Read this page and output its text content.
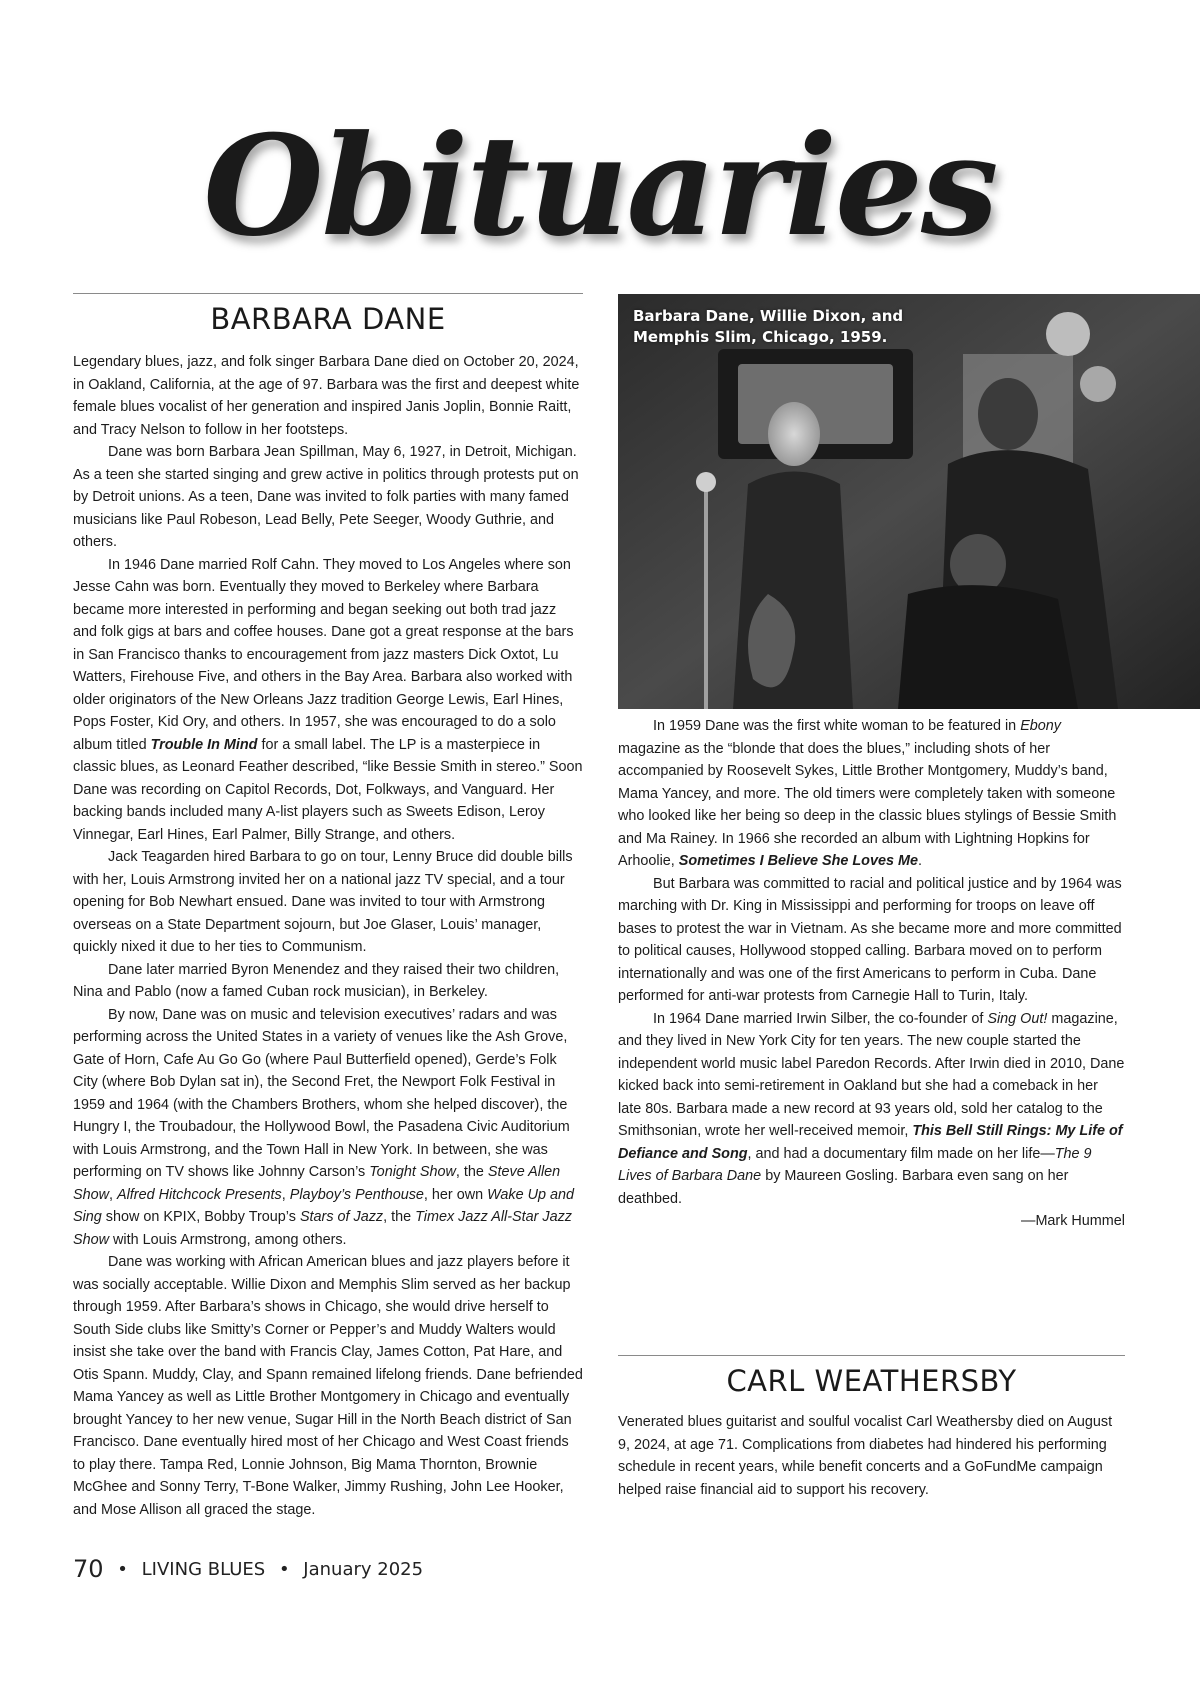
Obituaries
BARBARA DANE

Legendary blues, jazz, and folk singer Barbara Dane died on October 20, 2024, in Oakland, California, at the age of 97. Barbara was the first and deepest white female blues vocalist of her generation and inspired Janis Joplin, Bonnie Raitt, and Tracy Nelson to follow in her footsteps.

Dane was born Barbara Jean Spillman, May 6, 1927, in Detroit, Michigan. As a teen she started singing and grew active in politics through protests put on by Detroit unions. As a teen, Dane was invited to folk parties with many famed musicians like Paul Robeson, Lead Belly, Pete Seeger, Woody Guthrie, and others.

In 1946 Dane married Rolf Cahn. They moved to Los Angeles where son Jesse Cahn was born. Eventually they moved to Berkeley where Barbara became more interested in performing and began seeking out both trad jazz and folk gigs at bars and coffee houses. Dane got a great response at the bars in San Francisco thanks to encouragement from jazz masters Dick Oxtot, Lu Watters, Firehouse Five, and others in the Bay Area. Barbara also worked with older originators of the New Orleans Jazz tradition George Lewis, Earl Hines, Pops Foster, Kid Ory, and others. In 1957, she was encouraged to do a solo album titled Trouble In Mind for a small label. The LP is a masterpiece in classic blues, as Leonard Feather described, “like Bessie Smith in stereo.” Soon Dane was recording on Capitol Records, Dot, Folkways, and Vanguard. Her backing bands included many A-list players such as Sweets Edison, Leroy Vinnegar, Earl Hines, Earl Palmer, Billy Strange, and others.

Jack Teagarden hired Barbara to go on tour, Lenny Bruce did double bills with her, Louis Armstrong invited her on a national jazz TV special, and a tour opening for Bob Newhart ensued. Dane was invited to tour with Armstrong overseas on a State Department sojourn, but Joe Glaser, Louis’ manager, quickly nixed it due to her ties to Communism.

Dane later married Byron Menendez and they raised their two children, Nina and Pablo (now a famed Cuban rock musician), in Berkeley.

By now, Dane was on music and television executives’ radars and was performing across the United States in a variety of venues like the Ash Grove, Gate of Horn, Cafe Au Go Go (where Paul Butterfield opened), Gerde’s Folk City (where Bob Dylan sat in), the Second Fret, the Newport Folk Festival in 1959 and 1964 (with the Chambers Brothers, whom she helped discover), the Hungry I, the Troubadour, the Hollywood Bowl, the Pasadena Civic Auditorium with Louis Armstrong, and the Town Hall in New York. In between, she was performing on TV shows like Johnny Carson’s Tonight Show, the Steve Allen Show, Alfred Hitchcock Presents, Playboy’s Penthouse, her own Wake Up and Sing show on KPIX, Bobby Troup’s Stars of Jazz, the Timex Jazz All-Star Jazz Show with Louis Armstrong, among others.

Dane was working with African American blues and jazz players before it was socially acceptable. Willie Dixon and Memphis Slim served as her backup through 1959. After Barbara’s shows in Chicago, she would drive herself to South Side clubs like Smitty’s Corner or Pepper’s and Muddy Walters would insist she take over the band with Francis Clay, James Cotton, Pat Hare, and Otis Spann. Muddy, Clay, and Spann remained lifelong friends. Dane befriended Mama Yancey as well as Little Brother Montgomery in Chicago and eventually brought Yancey to her new venue, Sugar Hill in the North Beach district of San Francisco. Dane eventually hired most of her Chicago and West Coast friends to play there. Tampa Red, Lonnie Johnson, Big Mama Thornton, Brownie McGhee and Sonny Terry, T-Bone Walker, Jimmy Rushing, John Lee Hooker, and Mose Allison all graced the stage.

Barbara Dane, Willie Dixon, and Memphis Slim, Chicago, 1959.

In 1959 Dane was the first white woman to be featured in Ebony magazine as the “blonde that does the blues,” including shots of her accompanied by Roosevelt Sykes, Little Brother Montgomery, Muddy’s band, Mama Yancey, and more. The old timers were completely taken with someone who looked like her being so deep in the classic blues stylings of Bessie Smith and Ma Rainey. In 1966 she recorded an album with Lightning Hopkins for Arhoolie, Sometimes I Believe She Loves Me.

But Barbara was committed to racial and political justice and by 1964 was marching with Dr. King in Mississippi and performing for troops on leave off bases to protest the war in Vietnam. As she became more and more committed to political causes, Hollywood stopped calling. Barbara moved on to perform internationally and was one of the first Americans to perform in Cuba. Dane performed for anti-war protests from Carnegie Hall to Turin, Italy.

In 1964 Dane married Irwin Silber, the co-founder of Sing Out! magazine, and they lived in New York City for ten years. The new couple started the independent world music label Paredon Records. After Irwin died in 2010, Dane kicked back into semi-retirement in Oakland but she had a comeback in her late 80s. Barbara made a new record at 93 years old, sold her catalog to the Smithsonian, wrote her well-received memoir, This Bell Still Rings: My Life of Defiance and Song, and had a documentary film made on her life—The 9 Lives of Barbara Dane by Maureen Gosling. Barbara even sang on her deathbed.

—Mark Hummel

CARL WEATHERSBY

Venerated blues guitarist and soulful vocalist Carl Weathersby died on August 9, 2024, at age 71. Complications from diabetes had hindered his performing schedule in recent years, while benefit concerts and a GoFundMe campaign helped raise financial aid to support his recovery.

70 • LIVING BLUES • January 2025
